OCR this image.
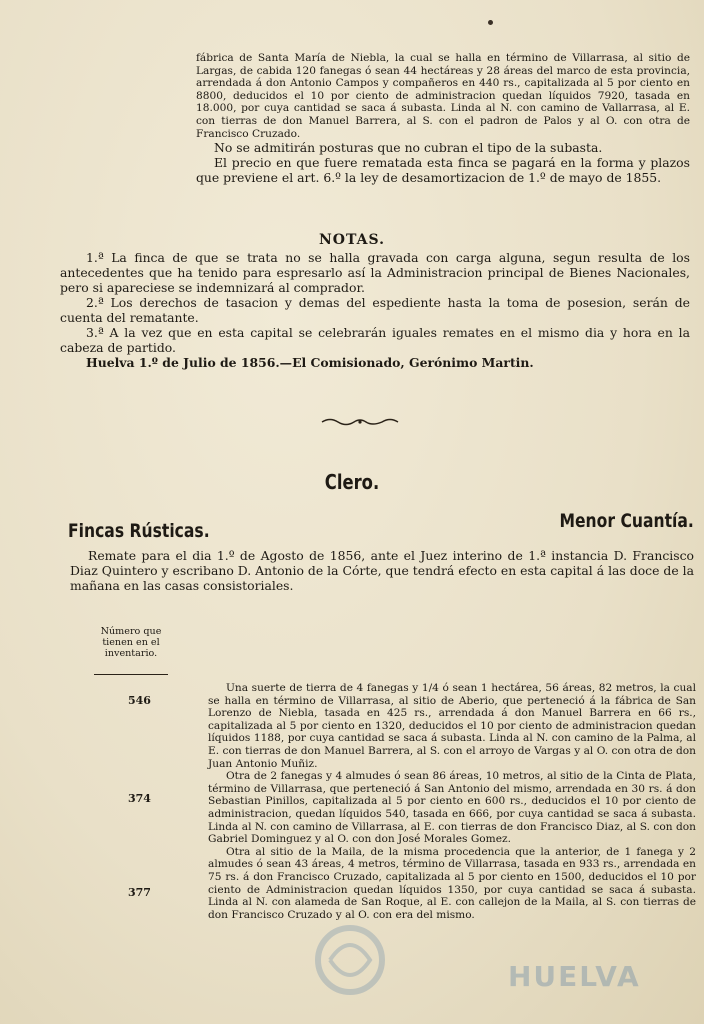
fábrica de Santa María de Niebla, la cual se halla en término de Villarrasa, al sitio de Largas, de cabida 120 fanegas ó sean 44 hectáreas y 28 áreas del marco de esta provincia, arrendada á don Antonio Campos y compañeros en 440 rs., capitalizada al 5 por ciento en 8800, deducidos el 10 por ciento de administracion quedan líquidos 7920, tasada en 18.000, por cuya cantidad se saca á subasta. Linda al N. con camino de Vallarrasa, al E. con tierras de don Manuel Barrera, al S. con el padron de Palos y al O. con otra de Francisco Cruzado.

No se admitirán posturas que no cubran el tipo de la subasta.

El precio en que fuere rematada esta finca se pagará en la forma y plazos que previene el art. 6.º la ley de desamortizacion de 1.º de mayo de 1855.

NOTAS.

1.ª La finca de que se trata no se halla gravada con carga alguna, segun resulta de los antecedentes que ha tenido para espresarlo así la Administracion principal de Bienes Nacionales, pero si apareciese se indemnizará al comprador.

2.ª Los derechos de tasacion y demas del espediente hasta la toma de posesion, serán de cuenta del rematante.

3.ª A la vez que en esta capital se celebrarán iguales remates en el mismo dia y hora en la cabeza de partido.

Huelva 1.º de Julio de 1856.—El Comisionado, Gerónimo Martin.

Clero.
Fincas Rústicas.	Menor Cuantía.

Remate para el dia 1.º de Agosto de 1856, ante el Juez interino de 1.ª instancia D. Francisco Diaz Quintero y escribano D. Antonio de la Córte, que tendrá efecto en esta capital á las doce de la mañana en las casas consistoriales.

Número que tienen en el inventario.
546
374
377

Una suerte de tierra de 4 fanegas y 1/4 ó sean 1 hectárea, 56 áreas, 82 metros, la cual se halla en término de Villarrasa, al sitio de Aberio, que perteneció á la fábrica de San Lorenzo de Niebla, tasada en 425 rs., arrendada á don Manuel Barrera en 66 rs., capitalizada al 5 por ciento en 1320, deducidos el 10 por ciento de administracion quedan líquidos 1188, por cuya cantidad se saca á subasta. Linda al N. con camino de la Palma, al E. con tierras de don Manuel Barrera, al S. con el arroyo de Vargas y al O. con otra de don Juan Antonio Muñiz.

Otra de 2 fanegas y 4 almudes ó sean 86 áreas, 10 metros, al sitio de la Cinta de Plata, término de Villarrasa, que perteneció á San Antonio del mismo, arrendada en 30 rs. á don Sebastian Pinillos, capitalizada al 5 por ciento en 600 rs., deducidos el 10 por ciento de administracion, quedan líquidos 540, tasada en 666, por cuya cantidad se saca á subasta. Linda al N. con camino de Villarrasa, al E. con tierras de don Francisco Diaz, al S. con don Gabriel Dominguez y al O. con don José Morales Gomez.

Otra al sitio de la Maila, de la misma procedencia que la anterior, de 1 fanega y 2 almudes ó sean 43 áreas, 4 metros, término de Villarrasa, tasada en 933 rs., arrendada en 75 rs. á don Francisco Cruzado, capitalizada al 5 por ciento en 1500, deducidos el 10 por ciento de Administracion quedan líquidos 1350, por cuya cantidad se saca á subasta. Linda al N. con alameda de San Roque, al E. con callejon de la Maila, al S. con tierras de don Francisco Cruzado y al O. con era del mismo.

HUELVA
